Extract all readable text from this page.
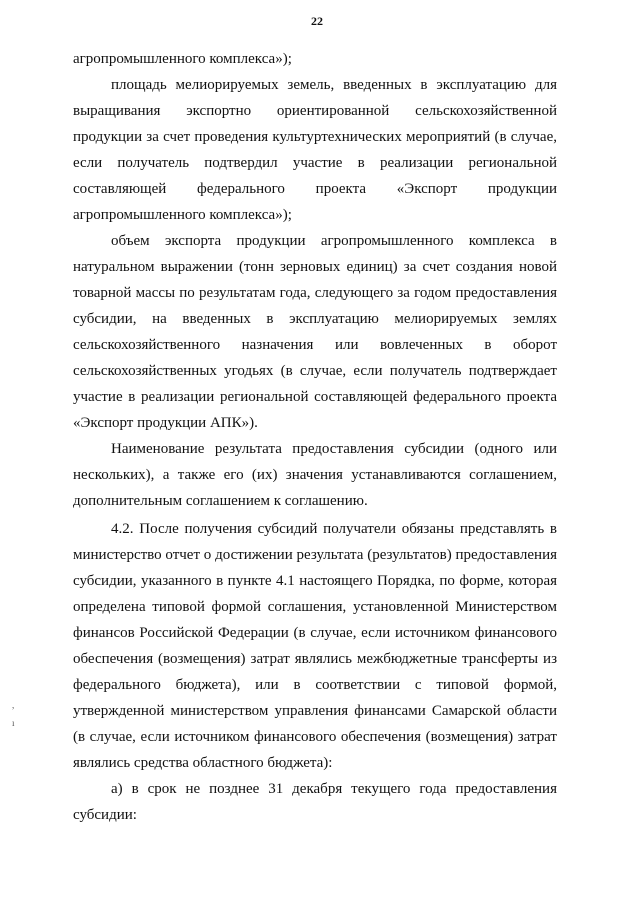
22
,
ı

агропромышленного комплекса»);

площадь мелиорируемых земель, введенных в эксплуатацию для выращивания экспортно ориентированной сельскохозяйственной продукции за счет проведения культуртехнических мероприятий (в случае, если получатель подтвердил участие в реализации региональной составляющей федерального проекта «Экспорт продукции агропромышленного комплекса»);

объем экспорта продукции агропромышленного комплекса в натуральном выражении (тонн зерновых единиц) за счет создания новой товарной массы по результатам года, следующего за годом предоставления субсидии, на введенных в эксплуатацию мелиорируемых землях сельскохозяйственного назначения или вовлеченных в оборот сельскохозяйственных угодьях (в случае, если получатель подтверждает участие в реализации региональной составляющей федерального проекта «Экспорт продукции АПК»).

Наименование результата предоставления субсидии (одного или нескольких), а также его (их) значения устанавливаются соглашением, дополнительным соглашением к соглашению.

4.2. После получения субсидий получатели обязаны представлять в министерство отчет о достижении результата (результатов) предоставления субсидии, указанного в пункте 4.1 настоящего Порядка, по форме, которая определена типовой формой соглашения, установленной Министерством финансов Российской Федерации (в случае, если источником финансового обеспечения (возмещения) затрат являлись межбюджетные трансферты из федерального бюджета), или в соответствии с типовой формой, утвержденной министерством управления финансами Самарской области (в случае, если источником финансового обеспечения (возмещения) затрат являлись средства областного бюджета):

а) в срок не позднее 31 декабря текущего года предоставления субсидии:
